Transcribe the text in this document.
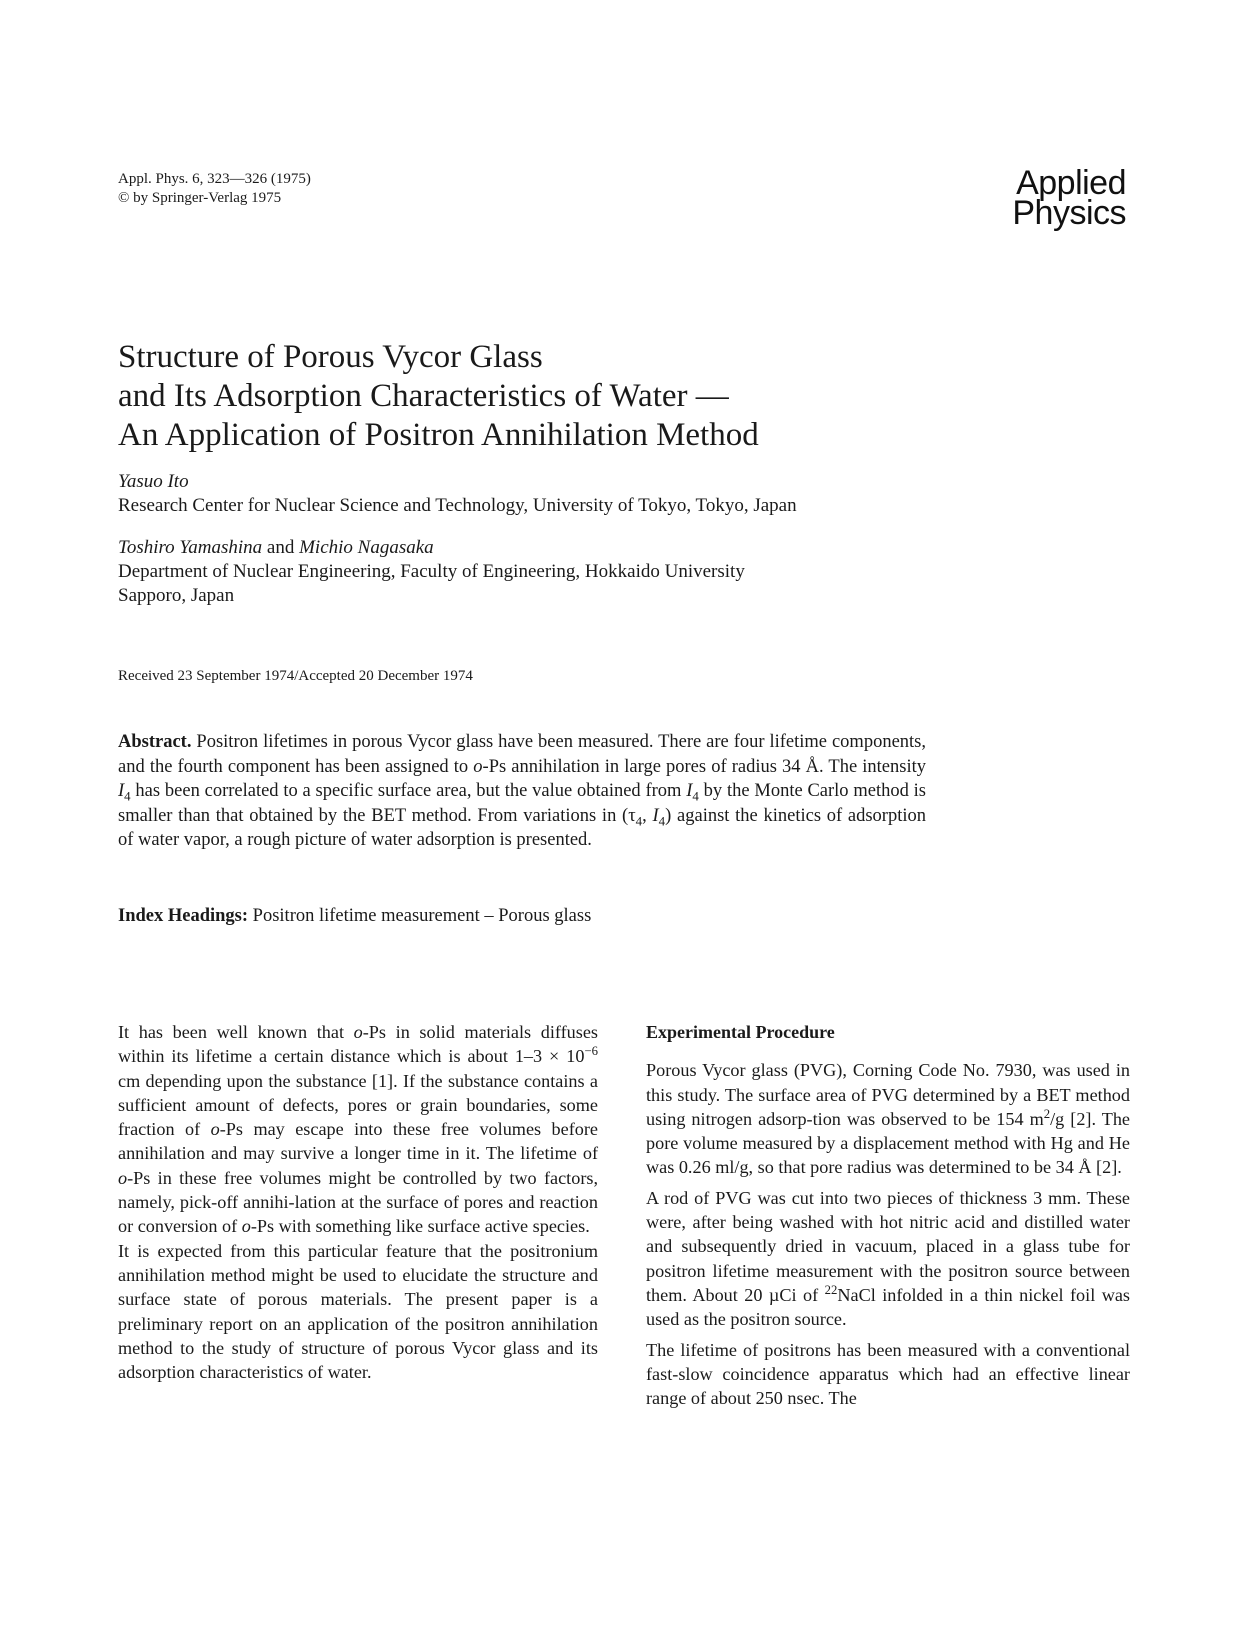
Appl. Phys. 6, 323—326 (1975)
© by Springer-Verlag 1975	Applied
Physics
Structure of Porous Vycor Glass
and Its Adsorption Characteristics of Water —
An Application of Positron Annihilation Method
Yasuo Ito
Research Center for Nuclear Science and Technology, University of Tokyo, Tokyo, Japan
Toshiro Yamashina and Michio Nagasaka
Department of Nuclear Engineering, Faculty of Engineering, Hokkaido University
Sapporo, Japan
Received 23 September 1974/Accepted 20 December 1974
Abstract. Positron lifetimes in porous Vycor glass have been measured. There are four lifetime components, and the fourth component has been assigned to o-Ps annihilation in large pores of radius 34 Å. The intensity $I_4$ has been correlated to a specific surface area, but the value obtained from $I_4$ by the Monte Carlo method is smaller than that obtained by the BET method. From variations in ($\tau_4$, $I_4$) against the kinetics of adsorption of water vapor, a rough picture of water adsorption is presented.
Index Headings: Positron lifetime measurement – Porous glass

It has been well known that o-Ps in solid materials diffuses within its lifetime a certain distance which is about $1-3 \times 10^{-6}$ cm depending upon the substance [1]. If the substance contains a sufficient amount of defects, pores or grain boundaries, some fraction of o-Ps may escape into these free volumes before annihilation and may survive a longer time in it. The lifetime of o-Ps in these free volumes might be controlled by two factors, namely, pick-off annihi-lation at the surface of pores and reaction or conversion of o-Ps with something like surface active species.

It is expected from this particular feature that the positronium annihilation method might be used to elucidate the structure and surface state of porous materials. The present paper is a preliminary report on an application of the positron annihilation method to the study of structure of porous Vycor glass and its adsorption characteristics of water.

Experimental Procedure

Porous Vycor glass (PVG), Corning Code No. 7930, was used in this study. The surface area of PVG determined by a BET method using nitrogen adsorp-tion was observed to be 154 $m^2/g$ [2]. The pore volume measured by a displacement method with Hg and He was 0.26 ml/g, so that pore radius was determined to be 34 Å [2].

A rod of PVG was cut into two pieces of thickness 3 mm. These were, after being washed with hot nitric acid and distilled water and subsequently dried in vacuum, placed in a glass tube for positron lifetime measurement with the positron source between them. About 20 µCi of $^{22}$NaCl infolded in a thin nickel foil was used as the positron source.

The lifetime of positrons has been measured with a conventional fast-slow coincidence apparatus which had an effective linear range of about 250 nsec. The
